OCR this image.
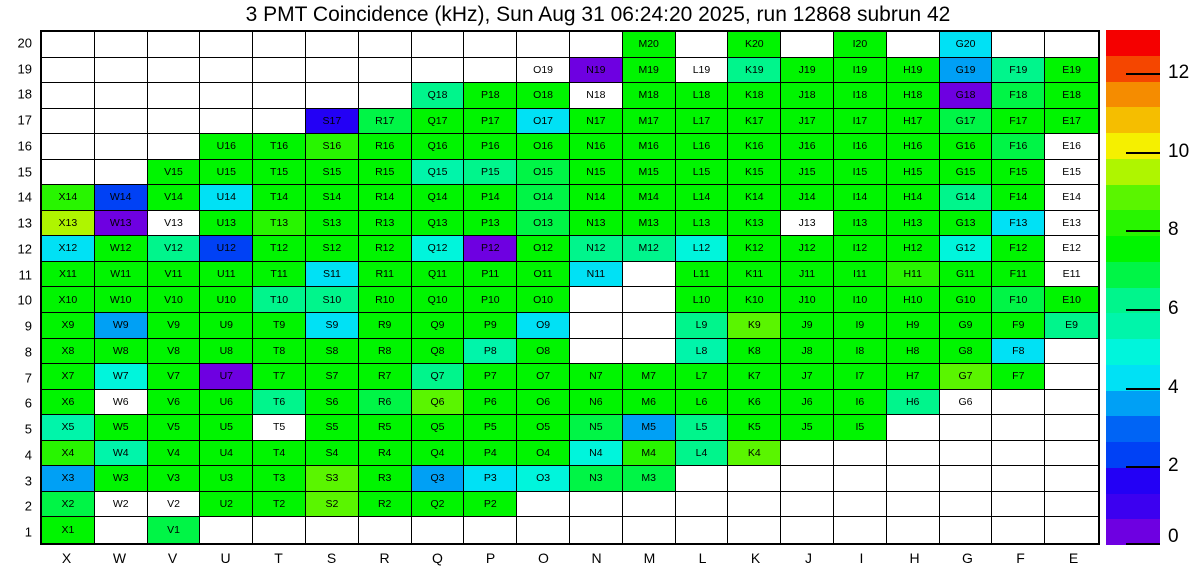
3 PMT Coincidence (kHz), Sun Aug 31 06:24:20 2025, run 12868 subrun 42
M20	K20	I20	G20
O19	N19	M19	L19	K19	J19	I19	H19	G19	F19	E19
Q18	P18	O18	N18	M18	L18	K18	J18	I18	H18	G18	F18	E18
S17	R17	Q17	P17	O17	N17	M17	L17	K17	J17	I17	H17	G17	F17	E17
U16	T16	S16	R16	Q16	P16	O16	N16	M16	L16	K16	J16	I16	H16	G16	F16	E16
V15	U15	T15	S15	R15	Q15	P15	O15	N15	M15	L15	K15	J15	I15	H15	G15	F15	E15
X14	W14	V14	U14	T14	S14	R14	Q14	P14	O14	N14	M14	L14	K14	J14	I14	H14	G14	F14	E14
X13	W13	V13	U13	T13	S13	R13	Q13	P13	O13	N13	M13	L13	K13	J13	I13	H13	G13	F13	E13
X12	W12	V12	U12	T12	S12	R12	Q12	P12	O12	N12	M12	L12	K12	J12	I12	H12	G12	F12	E12
X11	W11	V11	U11	T11	S11	R11	Q11	P11	O11	N11	L11	K11	J11	I11	H11	G11	F11	E11
X10	W10	V10	U10	T10	S10	R10	Q10	P10	O10	L10	K10	J10	I10	H10	G10	F10	E10
X9	W9	V9	U9	T9	S9	R9	Q9	P9	O9	L9	K9	J9	I9	H9	G9	F9	E9
X8	W8	V8	U8	T8	S8	R8	Q8	P8	O8	L8	K8	J8	I8	H8	G8	F8
X7	W7	V7	U7	T7	S7	R7	Q7	P7	O7	N7	M7	L7	K7	J7	I7	H7	G7	F7
X6	W6	V6	U6	T6	S6	R6	Q6	P6	O6	N6	M6	L6	K6	J6	I6	H6	G6
X5	W5	V5	U5	T5	S5	R5	Q5	P5	O5	N5	M5	L5	K5	J5	I5
X4	W4	V4	U4	T4	S4	R4	Q4	P4	O4	N4	M4	L4	K4
X3	W3	V3	U3	T3	S3	R3	Q3	P3	O3	N3	M3
X2	W2	V2	U2	T2	S2	R2	Q2	P2
X1	V1
20
19
18
17
16
15
14
13
12
11
10
9
8
7
6
5
4
3
2
1
X	W	V	U	T	S	R	Q	P	O	N	M	L	K	J	I	H	G	F	E
0
2
4
6
8
10
12
